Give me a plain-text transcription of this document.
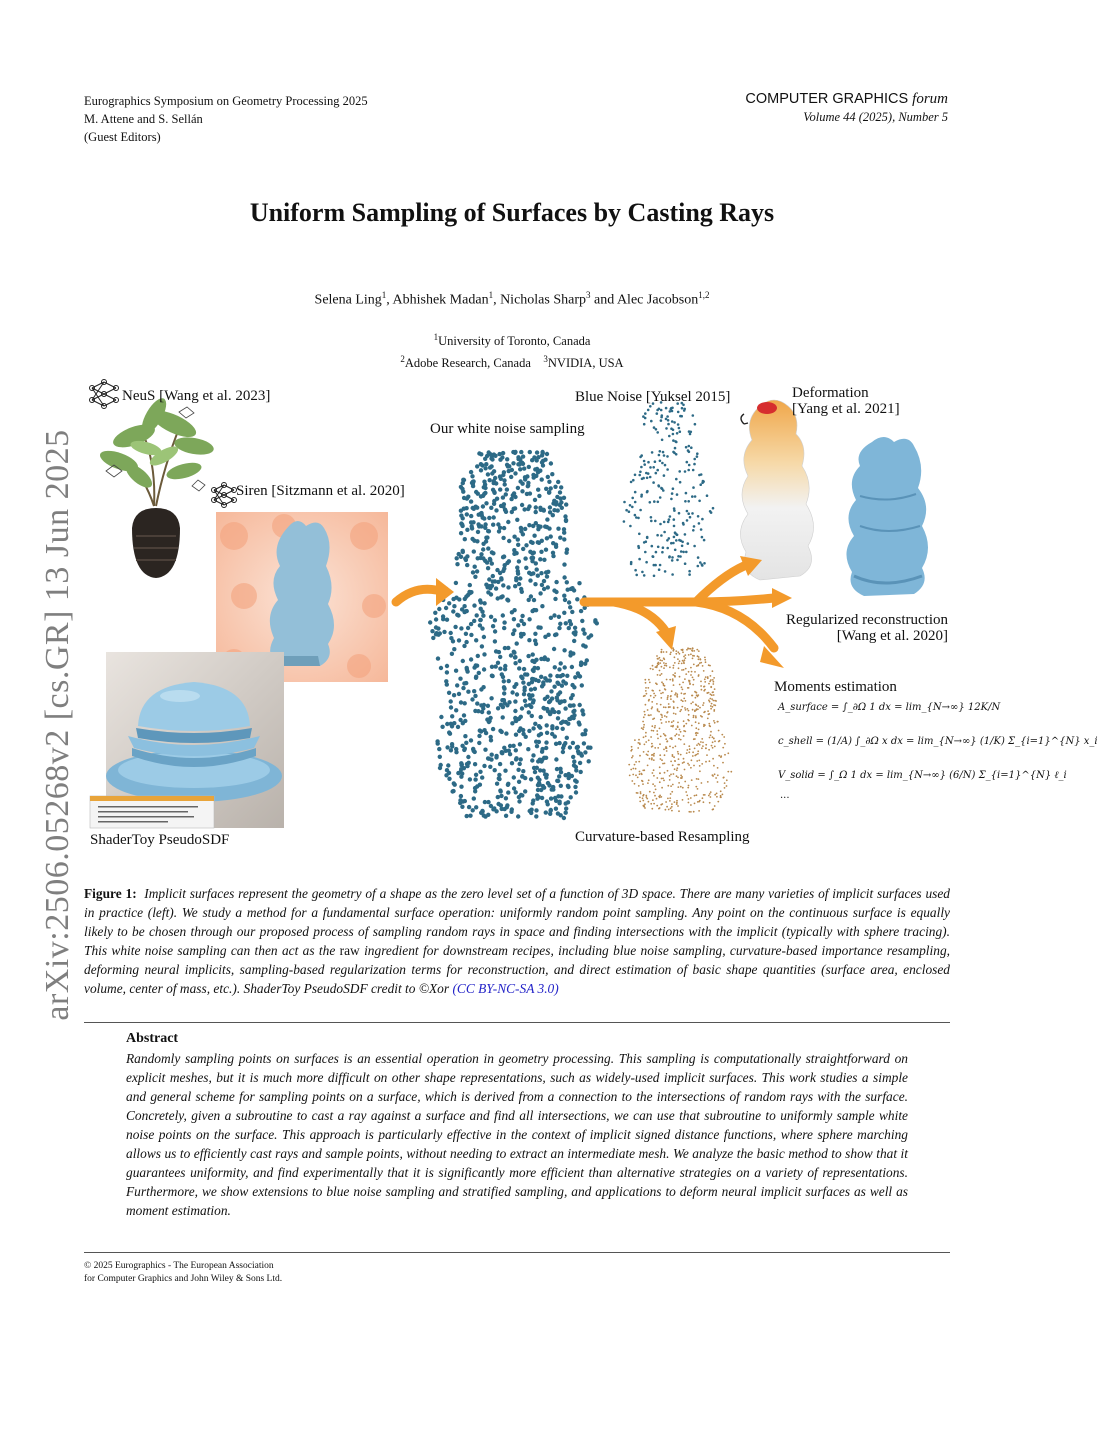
Eurographics Symposium on Geometry Processing 2025
M. Attene and S. Sellán
(Guest Editors)
COMPUTER GRAPHICS forum
Volume 44 (2025), Number 5
Uniform Sampling of Surfaces by Casting Rays
Selena Ling$^1$, Abhishek Madan$^1$, Nicholas Sharp$^3$ and Alec Jacobson$^{1,2}$
$^1$University of Toronto, Canada
$^2$Adobe Research, Canada $^3$NVIDIA, USA
arXiv:2506.05268v2 [cs.GR] 13 Jun 2025
NeuS [Wang et al. 2023]
Siren [Sitzmann et al. 2020]
ShaderToy PseudoSDF
Our white noise sampling
Blue Noise [Yuksel 2015]	Deformation
[Yang et al. 2021]
Regularized reconstruction
[Wang et al. 2020]
Moments estimation
Curvature-based Resampling
A_surface = ∫_∂Ω 1 dx = lim_{N→∞} 12K/N
c_shell = (1/A) ∫_∂Ω x dx = lim_{N→∞} (1/K) Σ_{i=1}^{N} x_i
V_solid = ∫_Ω 1 dx = lim_{N→∞} (6/N) Σ_{i=1}^{N} ℓ_i
...
Figure 1: Implicit surfaces represent the geometry of a shape as the zero level set of a function of 3D space. There are many varieties of implicit surfaces used in practice (left). We study a method for a fundamental surface operation: uniformly random point sampling. Any point on the continuous surface is equally likely to be chosen through our proposed process of sampling random rays in space and finding intersections with the implicit (typically with sphere tracing). This white noise sampling can then act as the raw ingredient for downstream recipes, including blue noise sampling, curvature-based importance resampling, deforming neural implicits, sampling-based regularization terms for reconstruction, and direct estimation of basic shape quantities (surface area, enclosed volume, center of mass, etc.). ShaderToy PseudoSDF credit to ©Xor (CC BY-NC-SA 3.0)
Abstract
Randomly sampling points on surfaces is an essential operation in geometry processing. This sampling is computationally straightforward on explicit meshes, but it is much more difficult on other shape representations, such as widely-used implicit surfaces. This work studies a simple and general scheme for sampling points on a surface, which is derived from a connection to the intersections of random rays with the surface. Concretely, given a subroutine to cast a ray against a surface and find all intersections, we can use that subroutine to uniformly sample white noise points on the surface. This approach is particularly effective in the context of implicit signed distance functions, where sphere marching allows us to efficiently cast rays and sample points, without needing to extract an intermediate mesh. We analyze the basic method to show that it guarantees uniformity, and find experimentally that it is significantly more efficient than alternative strategies on a variety of representations. Furthermore, we show extensions to blue noise sampling and stratified sampling, and applications to deform neural implicit surfaces as well as moment estimation.
© 2025 Eurographics - The European Association
for Computer Graphics and John Wiley & Sons Ltd.
